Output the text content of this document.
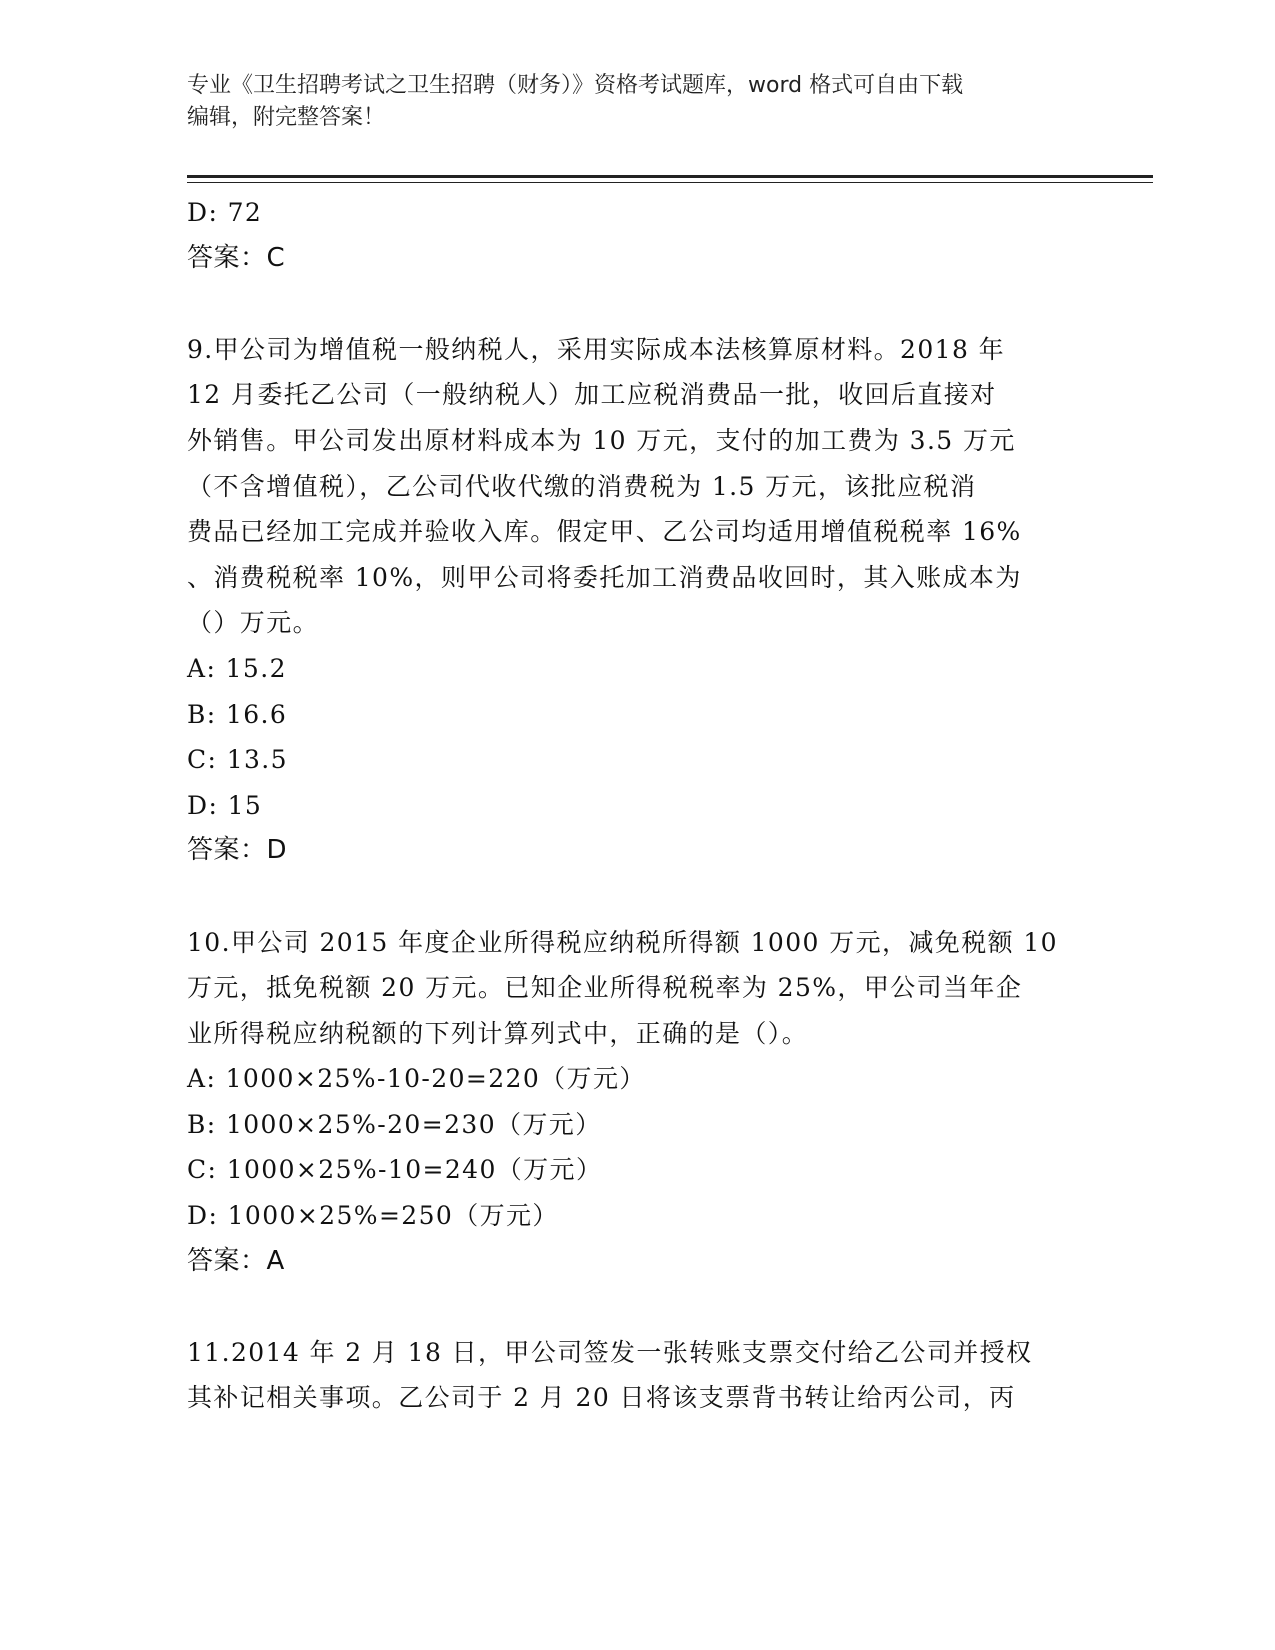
专业《卫生招聘考试之卫生招聘（财务）》资格考试题库，word 格式可自由下载
编辑，附完整答案！
D: 72
答案：C
9.甲公司为增值税一般纳税人，采用实际成本法核算原材料。2018 年
12 月委托乙公司（一般纳税人）加工应税消费品一批，收回后直接对
外销售。甲公司发出原材料成本为 10 万元，支付的加工费为 3.5 万元
（不含增值税），乙公司代收代缴的消费税为 1.5 万元，该批应税消
费品已经加工完成并验收入库。假定甲、乙公司均适用增值税税率 16%
、消费税税率 10%，则甲公司将委托加工消费品收回时，其入账成本为
（）万元。
A: 15.2
B: 16.6
C: 13.5
D: 15
答案：D
10.甲公司 2015 年度企业所得税应纳税所得额 1000 万元，减免税额 10
万元，抵免税额 20 万元。已知企业所得税税率为 25%，甲公司当年企
业所得税应纳税额的下列计算列式中，正确的是（）。
A: 1000×25%-10-20=220（万元）
B: 1000×25%-20=230（万元）
C: 1000×25%-10=240（万元）
D: 1000×25%=250（万元）
答案：A
11.2014 年 2 月 18 日，甲公司签发一张转账支票交付给乙公司并授权
其补记相关事项。乙公司于 2 月 20 日将该支票背书转让给丙公司，丙
